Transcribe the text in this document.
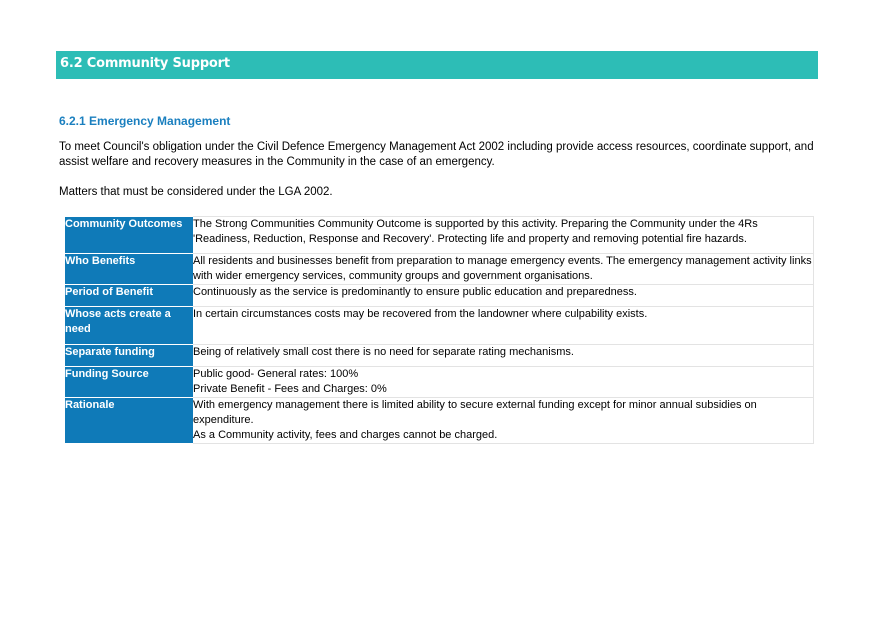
6.2 Community Support
6.2.1 Emergency Management
To meet Council's obligation under the Civil Defence Emergency Management Act 2002 including provide access resources, coordinate support, and assist welfare and recovery measures in the Community in the case of an emergency.
Matters that must be considered under the LGA 2002.
Community Outcomes	The Strong Communities Community Outcome is supported by this activity. Preparing the Community under the 4Rs 'Readiness, Reduction, Response and Recovery'. Protecting life and property and removing potential fire hazards.
Who Benefits	All residents and businesses benefit from preparation to manage emergency events. The emergency management activity links with wider emergency services, community groups and government organisations.
Period of Benefit	Continuously as the service is predominantly to ensure public education and preparedness.
Whose acts create a need	In certain circumstances costs may be recovered from the landowner where culpability exists.
Separate funding	Being of relatively small cost there is no need for separate rating mechanisms.
Funding Source	Public good- General rates: 100%
Private Benefit - Fees and Charges: 0%

Rationale	With emergency management there is limited ability to secure external funding except for minor annual subsidies on expenditure.
As a Community activity, fees and charges cannot be charged.
